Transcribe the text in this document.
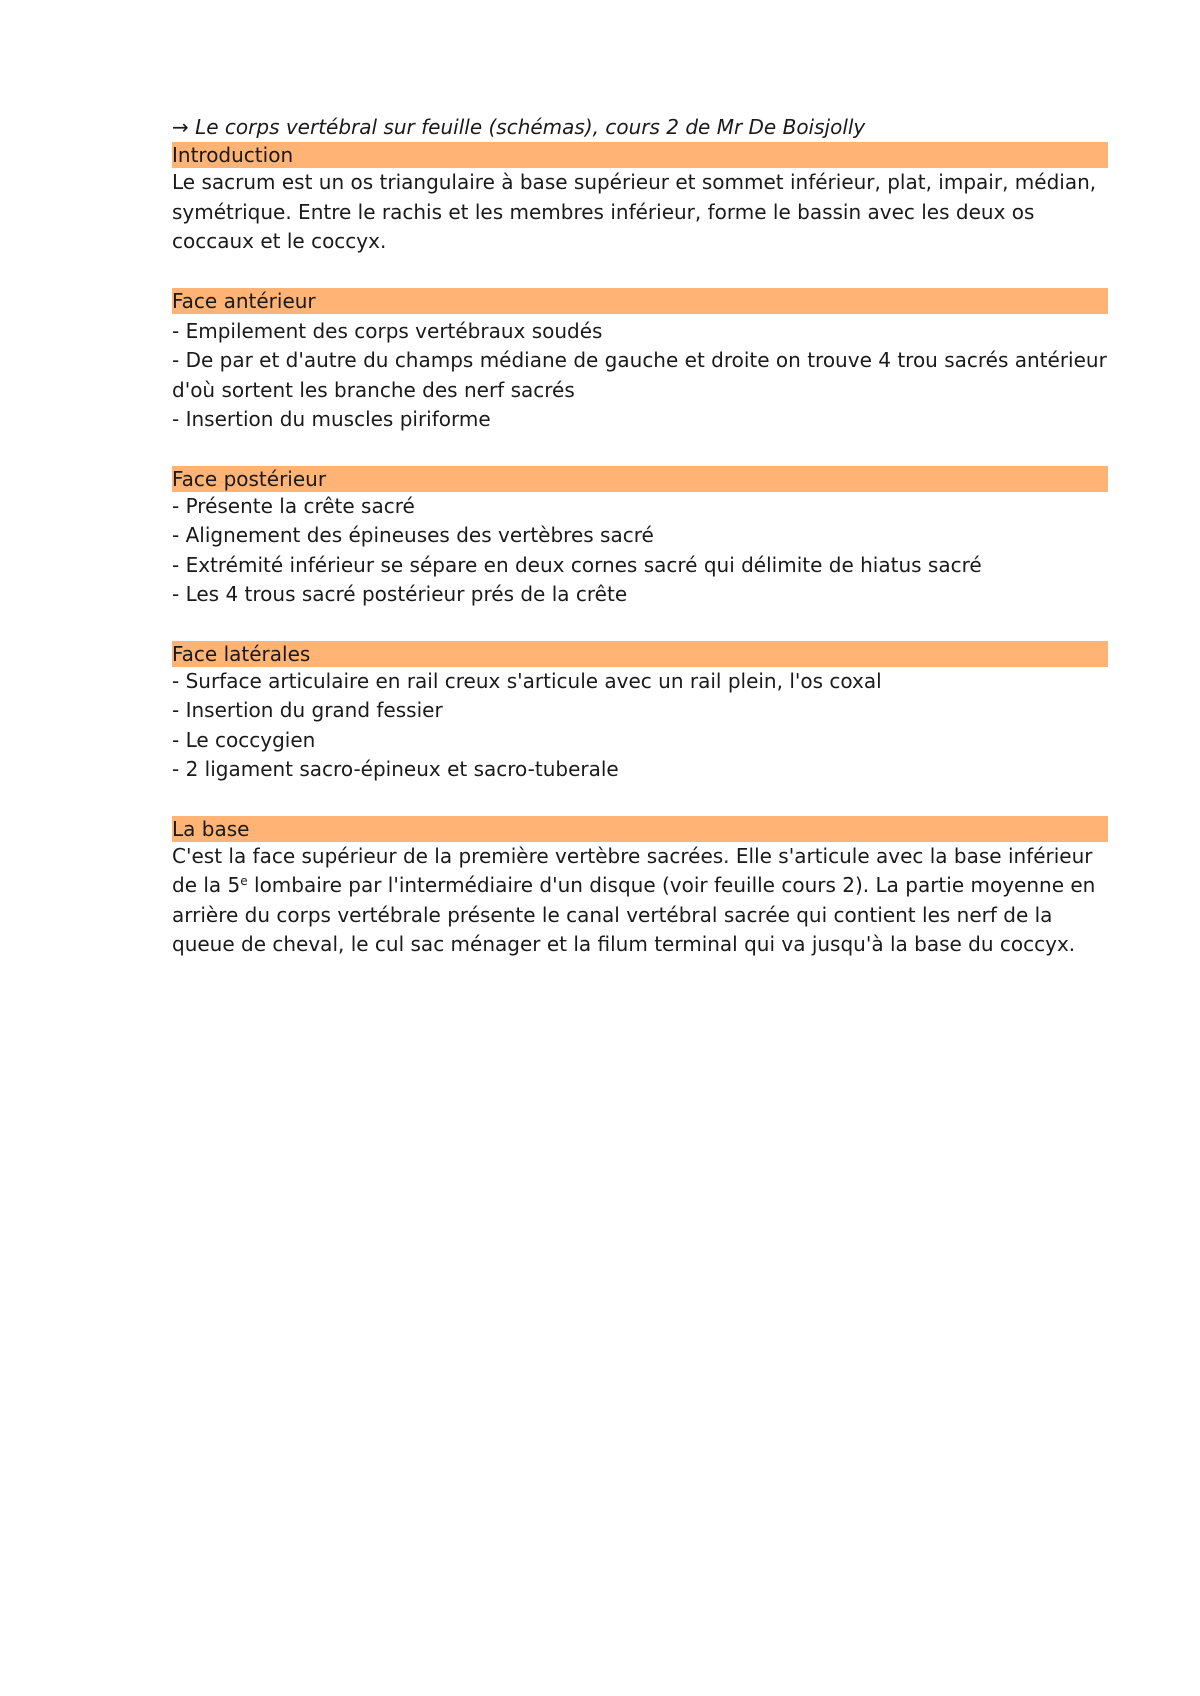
→ Le corps vertébral sur feuille (schémas), cours 2 de Mr De Boisjolly

Introduction

Le sacrum est un os triangulaire à base supérieur et sommet inférieur, plat, impair, médian, symétrique. Entre le rachis et les membres inférieur, forme le bassin avec les deux os coccaux et le coccyx.

Face antérieur

- Empilement des corps vertébraux soudés

- De par et d'autre du champs médiane de gauche et droite on trouve 4 trou sacrés antérieur d'où sortent les branche des nerf sacrés

- Insertion du muscles piriforme

Face postérieur

- Présente la crête sacré

- Alignement des épineuses des vertèbres sacré

- Extrémité inférieur se sépare en deux cornes sacré qui délimite de hiatus sacré

- Les 4 trous sacré postérieur prés de la crête

Face latérales

- Surface articulaire en rail creux s'articule avec un rail plein, l'os coxal

- Insertion du grand fessier

- Le coccygien

- 2 ligament sacro-épineux et sacro-tuberale

La base

C'est la face supérieur de la première vertèbre sacrées. Elle s'articule avec la base inférieur de la 5e lombaire par l'intermédiaire d'un disque (voir feuille cours 2). La partie moyenne en arrière du corps vertébrale présente le canal vertébral sacrée qui contient les nerf de la queue de cheval, le cul sac ménager et la filum terminal qui va jusqu'à la base du coccyx.
